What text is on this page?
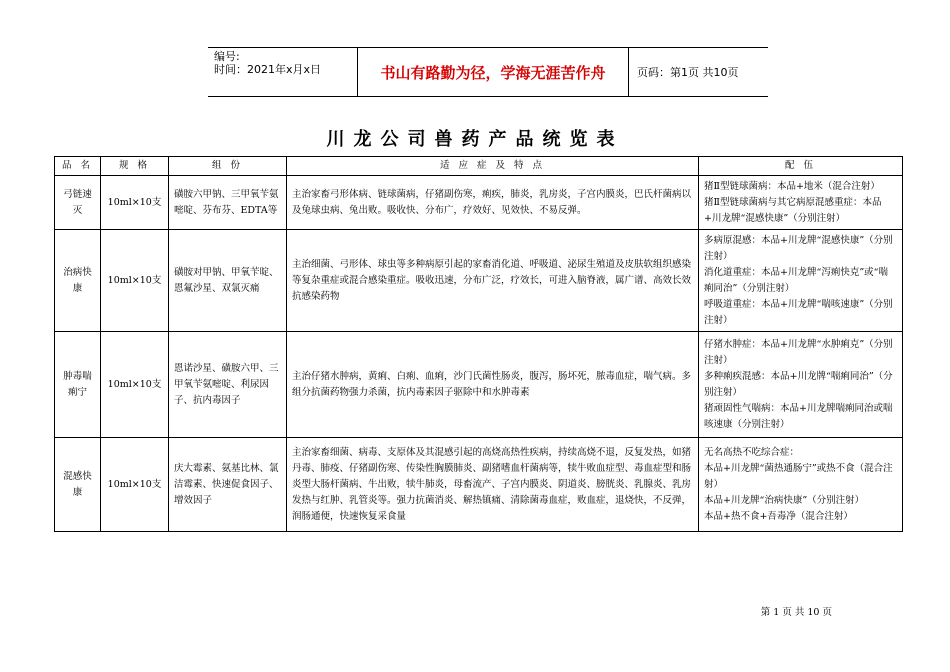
编号:
时间：2021年x月x日	书山有路勤为径，学海无涯苦作舟	页码：第1页 共10页
川龙公司兽药产品统览表
品 名	规 格	组 份	适 应 症 及 特 点	配 伍
弓链速灭	10ml×10支	磺胺六甲钠、三甲氧苄氨嘧啶、芬布芬、EDTA等	主治家畜弓形体病、链球菌病，仔猪副伤寒，痢疾，肺炎，乳房炎，子宫内膜炎，巴氏杆菌病以及兔球虫病、兔出败。吸收快、分布广，疗效好、见效快、不易反弹。	猪Ⅱ型链球菌病：本品+地米（混合注射）
猪Ⅱ型链球菌病与其它病原混感重症：本品+川龙牌“混感快康”（分别注射）

治病快康	10ml×10支	磺胺对甲钠、甲氧苄啶、恩氟沙星、双氯灭痛	主治细菌、弓形体、球虫等多种病原引起的家畜消化道、呼吸道、泌尿生殖道及皮肤软组织感染等复杂重症或混合感染重症。吸收迅速，分布广泛，疗效长，可进入脑脊液，属广谱、高效长效抗感染药物	多病原混感：本品+川龙牌“混感快康”（分别注射）
消化道重症：本品+川龙牌“泻痢快克”或“喘痢同治”（分别注射）
呼吸道重症：本品+川龙牌“喘咳速康”（分别注射）

肿毒喘痢宁	10ml×10支	恩诺沙星、磺胺六甲、三甲氧苄氨嘧啶、利尿因子、抗内毒因子	主治仔猪水肿病，黄痢、白痢、血痢，沙门氏菌性肠炎，腹泻，肠坏死，脓毒血症，喘气病。多组分抗菌药物强力杀菌，抗内毒素因子驱除中和水肿毒素	仔猪水肿症：本品+川龙牌“水肿痢克”（分别注射）
多种痢疾混感：本品+川龙牌“喘痢同治”（分别注射）
猪顽固性气喘病：本品+川龙牌喘痢同治或喘咳速康（分别注射）

混感快康	10ml×10支	庆大霉素、氨基比林、氯洁霉素、快速促食因子、增效因子	主治家畜细菌、病毒、支原体及其混感引起的高烧高热性疾病，持续高烧不退，反复发热，如猪丹毒、肺疫、仔猪副伤寒、传染性胸膜肺炎、副猪嗜血杆菌病等，犊牛败血症型、毒血症型和肠炎型大肠杆菌病、牛出败，犊牛肺炎，母畜流产、子宫内膜炎、阴道炎、膀胱炎、乳腺炎、乳房发热与红肿、乳管炎等。强力抗菌消炎、解热镇痛、清除菌毒血症，败血症，退烧快，不反弹，润肠通便，快速恢复采食量	无名高热不吃综合症：
本品+川龙牌“菌热通肠宁”或热不食（混合注射）
本品+川龙牌“治病快康”（分别注射）
本品+热不食+吾毒净（混合注射）
第 1 页 共 10 页
